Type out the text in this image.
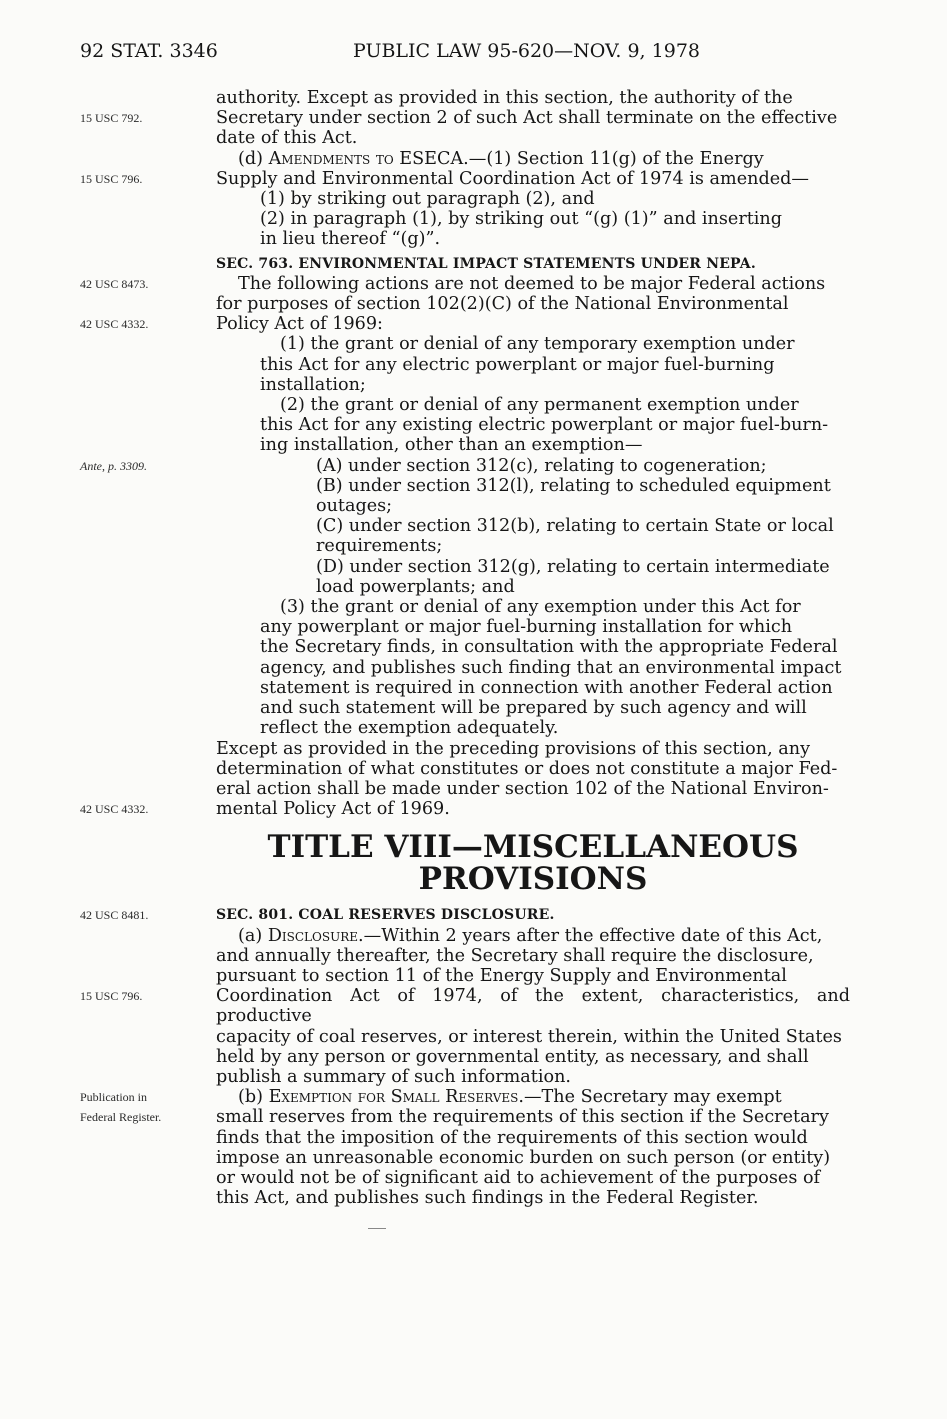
92 STAT. 3346	PUBLIC LAW 95-620—NOV. 9, 1978
authority. Except as provided in this section, the authority of the
15 USC 792.	Secretary under section 2 of such Act shall terminate on the effective
date of this Act.
(d) Amendments to ESECA.—(1) Section 11(g) of the Energy
15 USC 796.	Supply and Environmental Coordination Act of 1974 is amended—
(1) by striking out paragraph (2), and
(2) in paragraph (1), by striking out “(g) (1)” and inserting
in lieu thereof “(g)”.
SEC. 763. ENVIRONMENTAL IMPACT STATEMENTS UNDER NEPA.
42 USC 8473.	The following actions are not deemed to be major Federal actions
for purposes of section 102(2)(C) of the National Environmental
42 USC 4332.	Policy Act of 1969:
(1) the grant or denial of any temporary exemption under
this Act for any electric powerplant or major fuel-burning
installation;
(2) the grant or denial of any permanent exemption under
this Act for any existing electric powerplant or major fuel-burn-
ing installation, other than an exemption—
Ante, p. 3309.	(A) under section 312(c), relating to cogeneration;
(B) under section 312(l), relating to scheduled equipment
outages;
(C) under section 312(b), relating to certain State or local
requirements;
(D) under section 312(g), relating to certain intermediate
load powerplants; and
(3) the grant or denial of any exemption under this Act for
any powerplant or major fuel-burning installation for which
the Secretary finds, in consultation with the appropriate Federal
agency, and publishes such finding that an environmental impact
statement is required in connection with another Federal action
and such statement will be prepared by such agency and will
reflect the exemption adequately.
Except as provided in the preceding provisions of this section, any
determination of what constitutes or does not constitute a major Fed-
eral action shall be made under section 102 of the National Environ-
42 USC 4332.	mental Policy Act of 1969.
TITLE VIII—MISCELLANEOUS
PROVISIONS
42 USC 8481.	SEC. 801. COAL RESERVES DISCLOSURE.
(a) Disclosure.—Within 2 years after the effective date of this Act,
and annually thereafter, the Secretary shall require the disclosure,
pursuant to section 11 of the Energy Supply and Environmental
15 USC 796.	Coordination Act of 1974, of the extent, characteristics, and productive
capacity of coal reserves, or interest therein, within the United States
held by any person or governmental entity, as necessary, and shall
publish a summary of such information.
Publication in	(b) Exemption for Small Reserves.—The Secretary may exempt
Federal Register.	small reserves from the requirements of this section if the Secretary
finds that the imposition of the requirements of this section would
impose an unreasonable economic burden on such person (or entity)
or would not be of significant aid to achievement of the purposes of
this Act, and publishes such findings in the Federal Register.
